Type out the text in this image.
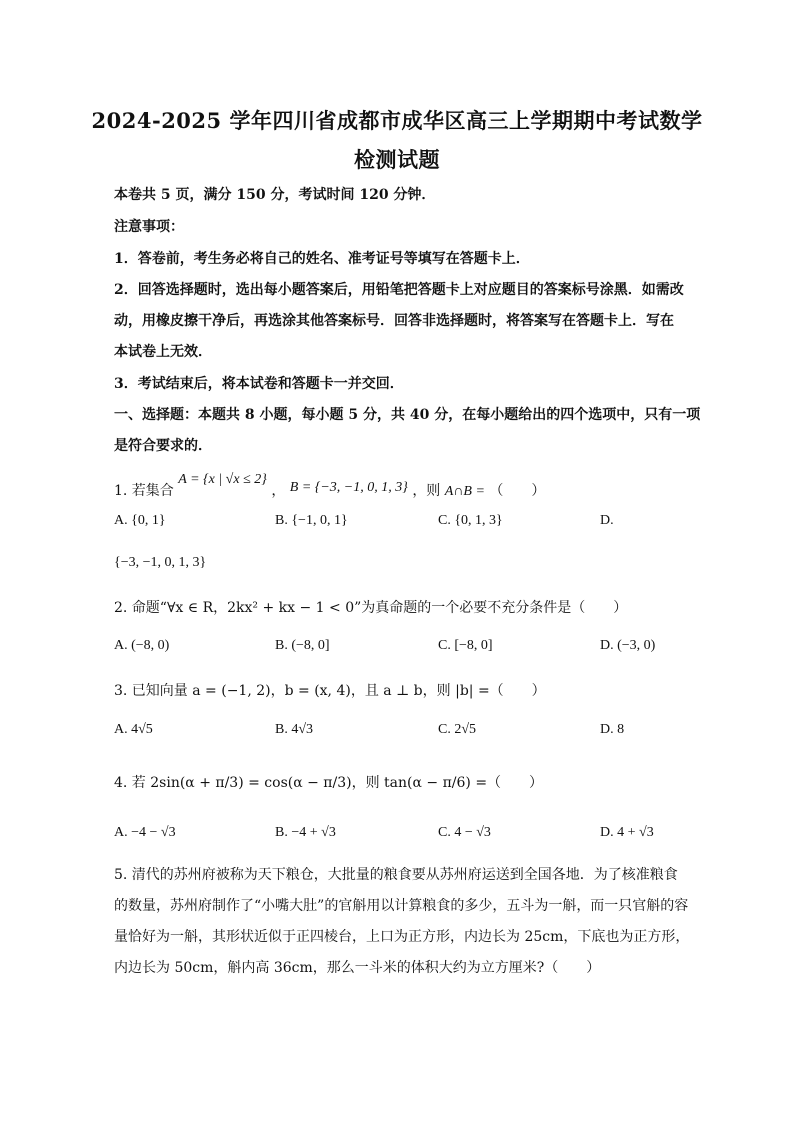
2024-2025 学年四川省成都市成华区高三上学期期中考试数学
检测试题
本卷共 5 页，满分 150 分，考试时间 120 分钟．
注意事项：
1．答卷前，考生务必将自己的姓名、准考证号等填写在答题卡上．
2．回答选择题时，选出每小题答案后，用铅笔把答题卡上对应题目的答案标号涂黑．如需改
动，用橡皮擦干净后，再选涂其他答案标号．回答非选择题时，将答案写在答题卡上．写在
本试卷上无效．
3．考试结束后，将本试卷和答题卡一并交回．
一、选择题：本题共 8 小题，每小题 5 分，共 40 分，在每小题给出的四个选项中，只有一项
是符合要求的．
1. 若集合 A = {x | √x ≤ 2} ， B = {−3, −1, 0, 1, 3} ，则 A∩B = （　　）
A. {0, 1}	B. {−1, 0, 1}	C. {0, 1, 3}	D.
{−3, −1, 0, 1, 3}
2. 命题“∀x ∈ R，2kx² + kx − 1 < 0”为真命题的一个必要不充分条件是（　　）
A. (−8, 0)	B. (−8, 0]	C. [−8, 0]	D. (−3, 0)
3. 已知向量 a = (−1, 2)，b = (x, 4)，且 a ⊥ b，则 |b| =（　　）
A. 4√5	B. 4√3	C. 2√5	D. 8
4. 若 2sin(α + π/3) = cos(α − π/3)，则 tan(α − π/6) =（　　）
A. −4 − √3	B. −4 + √3	C. 4 − √3	D. 4 + √3
5. 清代的苏州府被称为天下粮仓，大批量的粮食要从苏州府运送到全国各地．为了核准粮食
的数量，苏州府制作了“小嘴大肚”的官斛用以计算粮食的多少，五斗为一斛，而一只官斛的容
量恰好为一斛，其形状近似于正四棱台，上口为正方形，内边长为 25cm，下底也为正方形，
内边长为 50cm，斛内高 36cm，那么一斗米的体积大约为立方厘米?（　　）
